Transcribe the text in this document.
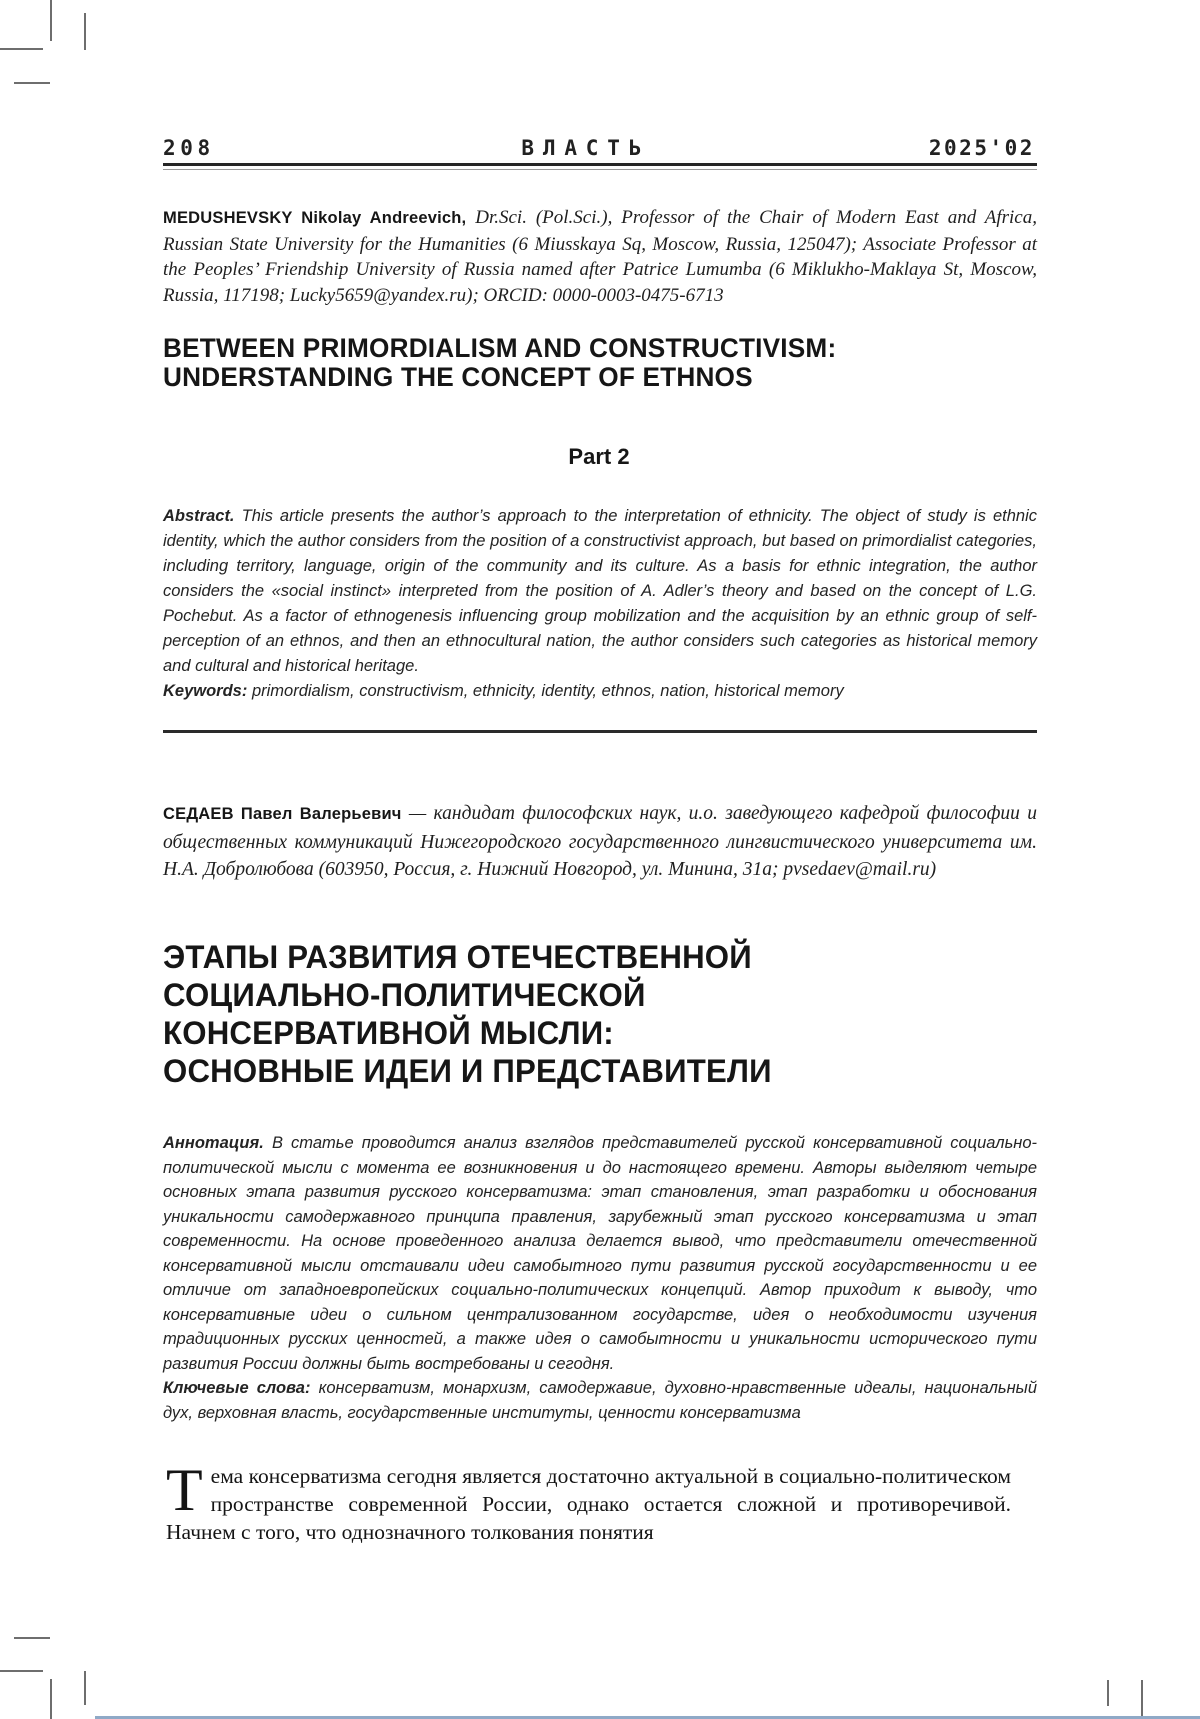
208	ВЛАСТЬ	2025'02
MEDUSHEVSKY Nikolay Andreevich, Dr.Sci. (Pol.Sci.), Professor of the Chair of Modern East and Africa, Russian State University for the Humanities (6 Miusskaya Sq, Moscow, Russia, 125047); Associate Professor at the Peoples’ Friendship University of Russia named after Patrice Lumumba (6 Miklukho-Maklaya St, Moscow, Russia, 117198; Lucky5659@yandex.ru); ORCID: 0000-0003-0475-6713
BETWEEN PRIMORDIALISM AND CONSTRUCTIVISM:
UNDERSTANDING THE CONCEPT OF ETHNOS
Part 2
Abstract. This article presents the author’s approach to the interpretation of ethnicity. The object of study is ethnic identity, which the author considers from the position of a constructivist approach, but based on primordialist categories, including territory, language, origin of the community and its culture. As a basis for ethnic integration, the author considers the «social instinct» interpreted from the position of A. Adler’s theory and based on the concept of L.G. Pochebut. As a factor of ethnogenesis influencing group mobilization and the acquisition by an ethnic group of self-perception of an ethnos, and then an ethnocultural nation, the author considers such categories as historical memory and cultural and historical heritage.
Keywords: primordialism, constructivism, ethnicity, identity, ethnos, nation, historical memory
СЕДАЕВ Павел Валерьевич — кандидат философских наук, и.о. заведующего кафедрой философии и общественных коммуникаций Нижегородского государственного лингвистического университета им. Н.А. Добролюбова (603950, Россия, г. Нижний Новгород, ул. Минина, 31а; pvsedaev@mail.ru)
ЭТАПЫ РАЗВИТИЯ ОТЕЧЕСТВЕННОЙ
СОЦИАЛЬНО-ПОЛИТИЧЕСКОЙ
КОНСЕРВАТИВНОЙ МЫСЛИ:
ОСНОВНЫЕ ИДЕИ И ПРЕДСТАВИТЕЛИ
Аннотация. В статье проводится анализ взглядов представителей русской консервативной социально-политической мысли с момента ее возникновения и до настоящего времени. Авторы выделяют четыре основных этапа развития русского консерватизма: этап становления, этап разработки и обоснования уникальности самодержавного принципа правления, зарубежный этап русского консерватизма и этап современности. На основе проведенного анализа делается вывод, что представители отечественной консервативной мысли отстаивали идеи самобытного пути развития русской государственности и ее отличие от западноевропейских социально-политических концепций. Автор приходит к выводу, что консервативные идеи о сильном централизованном государстве, идея о необходимости изучения традиционных русских ценностей, а также идея о самобытности и уникальности исторического пути развития России должны быть востребованы и сегодня.
Ключевые слова: консерватизм, монархизм, самодержавие, духовно-нравственные идеалы, национальный дух, верховная власть, государственные институты, ценности консерватизма
Тема консерватизма сегодня является достаточно актуальной в социально-политическом пространстве современной России, однако остается сложной и противоречивой. Начнем с того, что однозначного толкования понятия
